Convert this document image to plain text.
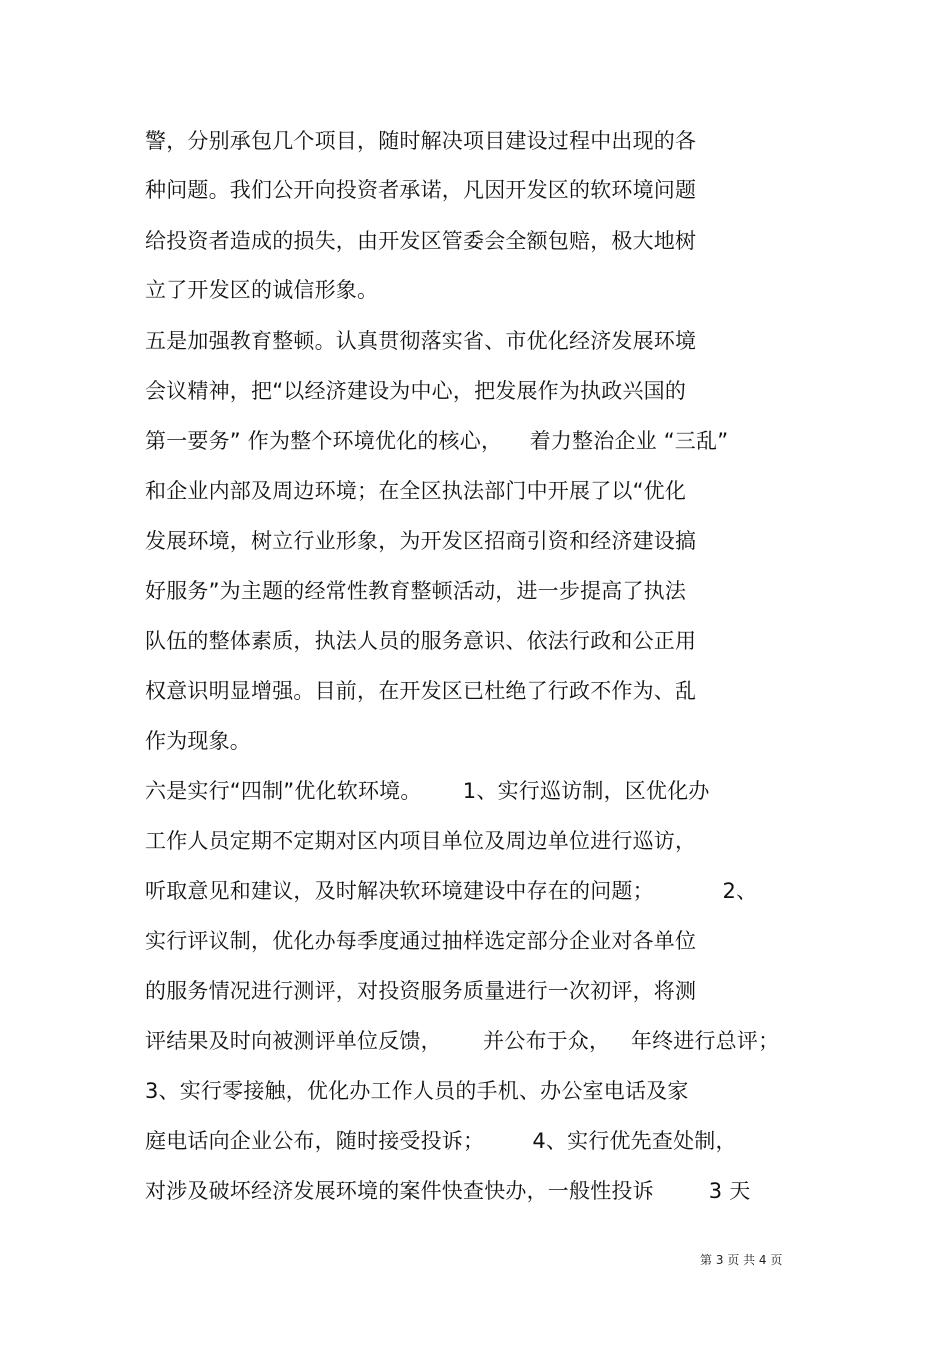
警，分别承包几个项目，随时解决项目建设过程中出现的各
种问题。我们公开向投资者承诺，凡因开发区的软环境问题
给投资者造成的损失，由开发区管委会全额包赔，极大地树
立了开发区的诚信形象。
五是加强教育整顿。认真贯彻落实省、市优化经济发展环境
会议精神，把“以经济建设为中心，把发展作为执政兴国的
第一要务” 作为整个环境优化的核心，    着力整治企业 “三乱”
和企业内部及周边环境；在全区执法部门中开展了以“优化
发展环境，树立行业形象，为开发区招商引资和经济建设搞
好服务”为主题的经常性教育整顿活动，进一步提高了执法
队伍的整体素质，执法人员的服务意识、依法行政和公正用
权意识明显增强。目前，在开发区已杜绝了行政不作为、乱
作为现象。
六是实行“四制”优化软环境。      1、实行巡访制，区优化办
工作人员定期不定期对区内项目单位及周边单位进行巡访，
听取意见和建议，及时解决软环境建设中存在的问题；          2、
实行评议制，优化办每季度通过抽样选定部分企业对各单位
的服务情况进行测评，对投资服务质量进行一次初评，将测
评结果及时向被测评单位反馈，      并公布于众，   年终进行总评；
3、实行零接触，优化办工作人员的手机、办公室电话及家
庭电话向企业公布，随时接受投诉；       4、实行优先查处制，
对涉及破坏经济发展环境的案件快查快办，一般性投诉        3 天
第 3 页 共 4 页
